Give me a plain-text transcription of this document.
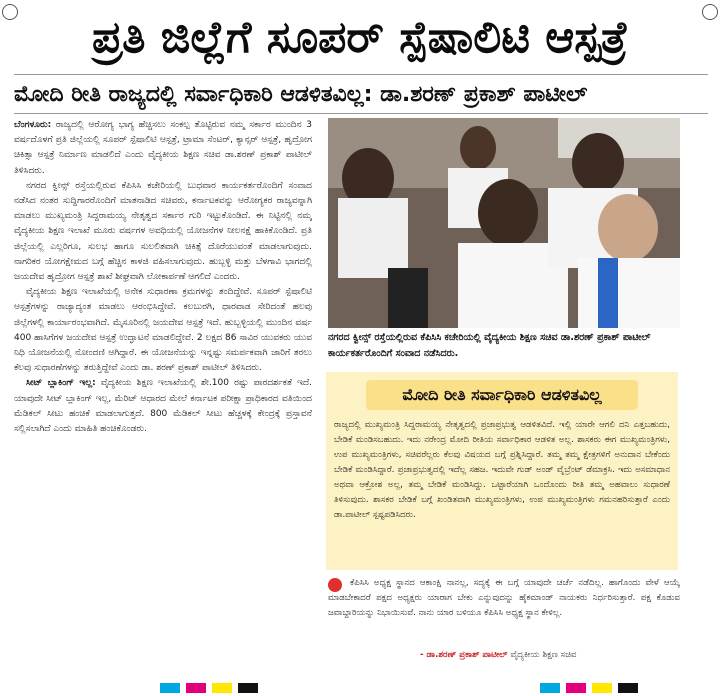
ಪ್ರತಿ ಜಿಲ್ಲೆಗೆ ಸೂಪರ್ ಸ್ಪೆಷಾಲಿಟಿ ಆಸ್ಪತ್ರೆ
ಮೋದಿ ರೀತಿ ರಾಜ್ಯದಲ್ಲಿ ಸರ್ವಾಧಿಕಾರಿ ಆಡಳಿತವಿಲ್ಲ: ಡಾ.ಶರಣ್ ಪ್ರಕಾಶ್ ಪಾಟೀಲ್

ಬೆಂಗಳೂರು: ರಾಜ್ಯದಲ್ಲಿ ಆರೋಗ್ಯ ಭಾಗ್ಯ ಹೆಚ್ಚಿಸಲು ಸಂಕಲ್ಪ ತೊಟ್ಟಿರುವ ನಮ್ಮ ಸರ್ಕಾರ ಮುಂದಿನ 3 ವರ್ಷದೊಳಗೆ ಪ್ರತಿ ಜಿಲ್ಲೆಯಲ್ಲಿ ಸೂಪರ್ ಸ್ಪೆಷಾಲಿಟಿ ಆಸ್ಪತ್ರೆ, ಟ್ರಾಮಾ ಸೆಂಟರ್, ಕ್ಯಾನ್ಸರ್ ಆಸ್ಪತ್ರೆ, ಹೃದ್ರೋಗ ಚಿಕಿತ್ಸಾ ಆಸ್ಪತ್ರೆ ನಿರ್ಮಾಣ ಮಾಡಲಿದೆ ಎಂದು ವೈದ್ಯಕೀಯ ಶಿಕ್ಷಣ ಸಚಿವ ಡಾ.ಶರಣ್ ಪ್ರಕಾಶ್ ಪಾಟೀಲ್ ತಿಳಿಸಿದರು.

ನಗರದ ಕ್ವೀನ್ಸ್ ರಸ್ತೆಯಲ್ಲಿರುವ ಕೆಪಿಸಿಸಿ ಕಚೇರಿಯಲ್ಲಿ ಬುಧವಾರ ಕಾರ್ಯಕರ್ತರೊಂದಿಗೆ ಸಂವಾದ ನಡೆಸಿದ ನಂತರ ಸುದ್ದಿಗಾರರೊಂದಿಗೆ ಮಾತನಾಡಿದ ಸಚಿವರು, ಕರ್ನಾಟಕವನ್ನು ಆರೋಗ್ಯಕರ ರಾಜ್ಯವನ್ನಾಗಿ ಮಾಡಲು ಮುಖ್ಯಮಂತ್ರಿ ಸಿದ್ದರಾಮಯ್ಯ ನೇತೃತ್ವದ ಸರ್ಕಾರ ಗುರಿ ಇಟ್ಟುಕೊಂಡಿದೆ. ಈ ನಿಟ್ಟಿನಲ್ಲಿ ನಮ್ಮ ವೈದ್ಯಕೀಯ ಶಿಕ್ಷಣ ಇಲಾಖೆ ಮೂರು ವರ್ಷಗಳ ಅವಧಿಯಲ್ಲಿ ಯೋಜನೆಗಳ ನೀಲನಕ್ಷೆ ಹಾಕಿಕೊಂಡಿದೆ. ಪ್ರತಿ ಜಿಲ್ಲೆಯಲ್ಲಿ ಎಲ್ಲರಿಗೂ, ಸುಲಭ ಹಾಗೂ ಸುಲಲಿತವಾಗಿ ಚಿಕಿತ್ಸೆ ದೊರೆಯುವಂತೆ ಮಾಡಲಾಗುವುದು. ನಾಗರಿಕರ ಯೋಗಕ್ಷೇಮದ ಬಗ್ಗೆ ಹೆಚ್ಚಿನ ಕಾಳಜಿ ವಹಿಸಲಾಗುವುದು. ಹುಬ್ಬಳ್ಳಿ ಮತ್ತು ಬೆಳಗಾವಿ ಭಾಗದಲ್ಲಿ ಜಯದೇವ ಹೃದ್ರೋಗ ಆಸ್ಪತ್ರೆ ಶಾಖೆ ಶೀಘ್ರವಾಗಿ ಲೋಕಾರ್ಪಣೆ ಆಗಲಿದೆ ಎಂದರು.

ವೈದ್ಯಕೀಯ ಶಿಕ್ಷಣ ಇಲಾಖೆಯಲ್ಲಿ ಅನೇಕ ಸುಧಾರಣಾ ಕ್ರಮಗಳನ್ನು ತಂದಿದ್ದೇವೆ. ಸೂಪರ್ ಸ್ಪೆಷಾಲಿಟಿ ಆಸ್ಪತ್ರೆಗಳನ್ನು ರಾಜ್ಯಾದ್ಯಂತ ಮಾಡಲು ಆರಂಭಿಸಿದ್ದೇವೆ. ಕಲಬುರಗಿ, ಧಾರವಾಡ ಸೇರಿದಂತೆ ಹಲವು ಜಿಲ್ಲೆಗಳಲ್ಲಿ ಕಾರ್ಯಾರಂಭವಾಗಿದೆ. ಮೈಸೂರಿನಲ್ಲಿ ಜಯದೇವ ಆಸ್ಪತ್ರೆ ಇದೆ. ಹುಬ್ಬಳ್ಳಿಯಲ್ಲಿ ಮುಂದಿನ ವರ್ಷ 400 ಹಾಸಿಗೆಗಳ ಜಯದೇವ ಆಸ್ಪತ್ರೆ ಉದ್ಘಾಟನೆ ಮಾಡಲಿದ್ದೇವೆ. 2 ಲಕ್ಷದ 86 ಸಾವಿರ ಯುವಕರು ಯುವ ನಿಧಿ ಯೋಜನೆಯಲ್ಲಿ ನೋಂದಣಿ ಆಗಿದ್ದಾರೆ. ಈ ಯೋಜನೆಯನ್ನು ಇನ್ನಷ್ಟು ಸಮರ್ಪಕವಾಗಿ ಜಾರಿಗೆ ತರಲು ಕೆಲವು ಸುಧಾರಣೆಗಳನ್ನು ತರುತ್ತಿದ್ದೇವೆ ಎಂದು ಡಾ. ಶರಣ್ ಪ್ರಕಾಶ್ ಪಾಟೀಲ್ ತಿಳಿಸಿದರು.

ಸೀಟ್ ಬ್ಲಾಕಿಂಗ್ ಇಲ್ಲ: ವೈದ್ಯಕೀಯ ಶಿಕ್ಷಣ ಇಲಾಖೆಯಲ್ಲಿ ಶೇ.100 ರಷ್ಟು ಪಾರದರ್ಶಕತೆ ಇದೆ. ಯಾವುದೇ ಸೀಟ್ ಬ್ಲಾಕಿಂಗ್ ಇಲ್ಲ, ಮೆರಿಟ್ ಆಧಾರದ ಮೇಲೆ ಕರ್ನಾಟಕ ಪರೀಕ್ಷಾ ಪ್ರಾಧಿಕಾರದ ವತಿಯಿಂದ ಮೆಡಿಕಲ್ ಸೀಟು ಹಂಚಿಕೆ ಮಾಡಲಾಗುತ್ತದೆ. 800 ಮೆಡಿಕಲ್ ಸೀಟು ಹೆಚ್ಚಳಕ್ಕೆ ಕೇಂದ್ರಕ್ಕೆ ಪ್ರಸ್ತಾವನೆ ಸಲ್ಲಿಸಲಾಗಿದೆ ಎಂದು ಮಾಹಿತಿ ಹಂಚಿಕೊಂಡರು.

ನಗರದ ಕ್ವೀನ್ಸ್ ರಸ್ತೆಯಲ್ಲಿರುವ ಕೆಪಿಸಿಸಿ ಕಚೇರಿಯಲ್ಲಿ ವೈದ್ಯಕೀಯ ಶಿಕ್ಷಣ ಸಚಿವ ಡಾ.ಶರಣ್ ಪ್ರಕಾಶ್ ಪಾಟೀಲ್ ಕಾರ್ಯಕರ್ತರೊಂದಿಗೆ ಸಂವಾದ ನಡೆಸಿದರು.
ಮೋದಿ ರೀತಿ ಸರ್ವಾಧಿಕಾರಿ ಆಡಳಿತವಿಲ್ಲ
ರಾಜ್ಯದಲ್ಲಿ ಮುಖ್ಯಮಂತ್ರಿ ಸಿದ್ದರಾಮಯ್ಯ ನೇತೃತ್ವದಲ್ಲಿ ಪ್ರಜಾಪ್ರಭುತ್ವ ಆಡಳಿತವಿದೆ. ಇಲ್ಲಿ ಯಾರೇ ಆಗಲಿ ದನಿ ಎತ್ತಬಹುದು, ಬೇಡಿಕೆ ಮಂಡಿಸಬಹುದು. ಇದು ನರೇಂದ್ರ ಮೋದಿ ರೀತಿಯ ಸರ್ವಾಧಿಕಾರ ಆಡಳಿತ ಅಲ್ಲ. ಶಾಸಕರು ಈಗ ಮುಖ್ಯಮಂತ್ರಿಗಳು, ಉಪ ಮುಖ್ಯಮಂತ್ರಿಗಳು, ಸಚಿವರೆಲ್ಲರು ಕೆಲವು ವಿಷಯದ ಬಗ್ಗೆ ಪ್ರಶ್ನಿಸಿದ್ದಾರೆ. ತಮ್ಮ ತಮ್ಮ ಕ್ಷೇತ್ರಗಳಿಗೆ ಅನುದಾನ ಬೇಕೆಂದು ಬೇಡಿಕೆ ಮಂಡಿಸಿದ್ದಾರೆ. ಪ್ರಜಾಪ್ರಭುತ್ವದಲ್ಲಿ ಇದೆಲ್ಲ ಸಹಜ. ಇದುವೇ ಗುಡ್ ಅಂಡ್ ವೈಬ್ರೆಂಟ್ ಡೆಮಾಕ್ರಸಿ. ಇದು ಅಸಮಾಧಾನ ಅಥವಾ ಆಕ್ರೋಶ ಅಲ್ಲ, ತಮ್ಮ ಬೇಡಿಕೆ ಮಂಡಿಸಿದ್ದು. ಒಟ್ಟಾರೆಯಾಗಿ ಒಂದೊಂದು ರೀತಿ ತಮ್ಮ ಅಹವಾಲು ಸುಧಾರಣೆ ತಿಳಿಸುವುದು. ಶಾಸಕರ ಬೇಡಿಕೆ ಬಗ್ಗೆ ಖಂಡಿತವಾಗಿ ಮುಖ್ಯಮಂತ್ರಿಗಳು, ಉಪ ಮುಖ್ಯಮಂತ್ರಿಗಳು ಗಮನಹರಿಸುತ್ತಾರೆ ಎಂದು ಡಾ.ಪಾಟೀಲ್ ಸ್ಪಷ್ಟಪಡಿಸಿದರು.
ಕೆಪಿಸಿಸಿ ಅಧ್ಯಕ್ಷ ಸ್ಥಾನದ ಆಕಾಂಕ್ಷಿ ನಾನಲ್ಲ, ಸದ್ಯಕ್ಕೆ ಈ ಬಗ್ಗೆ ಯಾವುದೇ ಚರ್ಚೆ ನಡೆದಿಲ್ಲ. ಹಾಗೊಂದು ವೇಳೆ ಆಯ್ಕೆ ಮಾಡಬೇಕಾದರೆ ಪಕ್ಷದ ಅಧ್ಯಕ್ಷರು ಯಾರಾಗ ಬೇಕು ಎನ್ನುವುದನ್ನು ಹೈಕಮಾಂಡ್ ನಾಯಕರು ನಿರ್ಧರಿಸುತ್ತಾರೆ. ಪಕ್ಷ ಕೊಡುವ ಜವಾಬ್ದಾರಿಯನ್ನು ನಿಭಾಯಿಸುವೆ. ನಾನು ಯಾರ ಬಳಿಯೂ ಕೆಪಿಸಿಸಿ ಅಧ್ಯಕ್ಷ ಸ್ಥಾನ ಕೇಳಿಲ್ಲ.
- ಡಾ.ಶರಣ್ ಪ್ರಕಾಶ್ ಪಾಟೀಲ್ ವೈದ್ಯಕೀಯ ಶಿಕ್ಷಣ ಸಚಿವ
